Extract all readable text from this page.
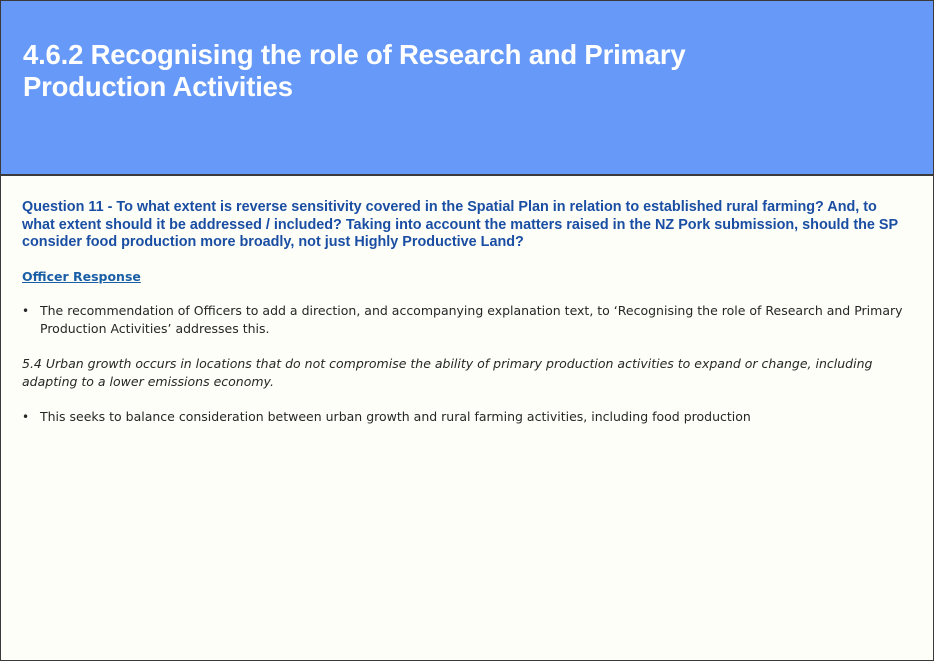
4.6.2 Recognising the role of Research and Primary Production Activities

Question 11 - To what extent is reverse sensitivity covered in the Spatial Plan in relation to established rural farming? And, to what extent should it be addressed / included? Taking into account the matters raised in the NZ Pork submission, should the SP consider food production more broadly, not just Highly Productive Land?

Officer Response

• The recommendation of Officers to add a direction, and accompanying explanation text, to ‘Recognising the role of Research and Primary Production Activities’ addresses this.

5.4 Urban growth occurs in locations that do not compromise the ability of primary production activities to expand or change, including adapting to a lower emissions economy.

• This seeks to balance consideration between urban growth and rural farming activities, including food production
